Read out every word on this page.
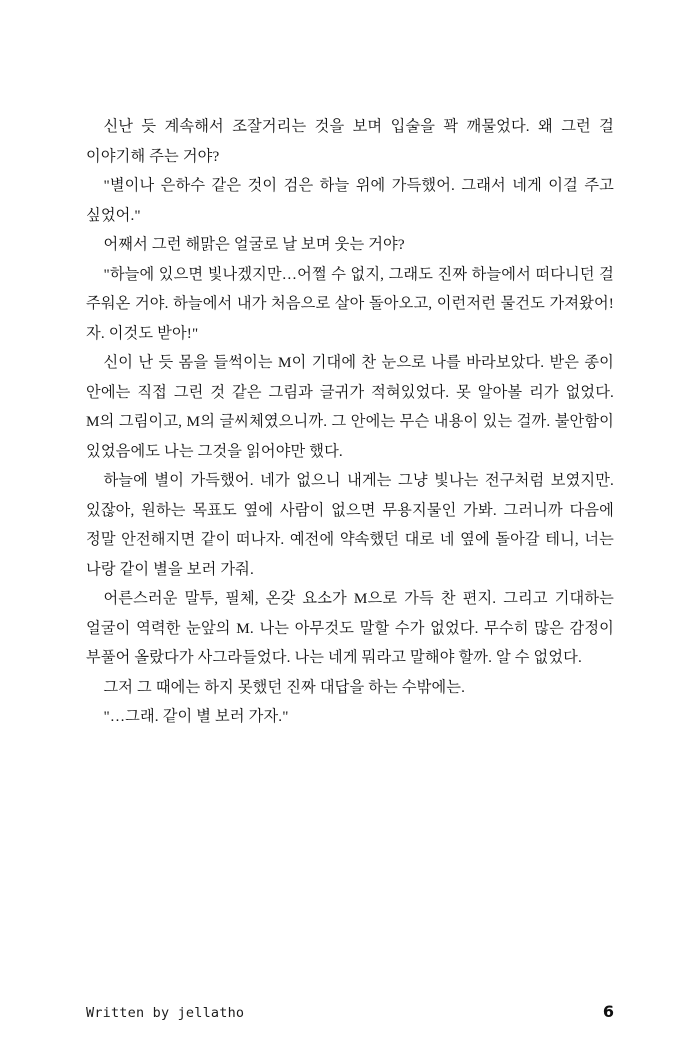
신난 듯 계속해서 조잘거리는 것을 보며 입술을 꽉 깨물었다. 왜 그런 걸 이야기해 주는 거야?

"별이나 은하수 같은 것이 검은 하늘 위에 가득했어. 그래서 네게 이걸 주고 싶었어."

어째서 그런 해맑은 얼굴로 날 보며 웃는 거야?

"하늘에 있으면 빛나겠지만…어쩔 수 없지, 그래도 진짜 하늘에서 떠다니던 걸 주워온 거야. 하늘에서 내가 처음으로 살아 돌아오고, 이런저런 물건도 가져왔어! 자. 이것도 받아!"

신이 난 듯 몸을 들썩이는 M이 기대에 찬 눈으로 나를 바라보았다. 받은 종이 안에는 직접 그린 것 같은 그림과 글귀가 적혀있었다. 못 알아볼 리가 없었다. M의 그림이고, M의 글씨체였으니까. 그 안에는 무슨 내용이 있는 걸까. 불안함이 있었음에도 나는 그것을 읽어야만 했다.

하늘에 별이 가득했어. 네가 없으니 내게는 그냥 빛나는 전구처럼 보였지만. 있잖아, 원하는 목표도 옆에 사람이 없으면 무용지물인 가봐. 그러니까 다음에 정말 안전해지면 같이 떠나자. 예전에 약속했던 대로 네 옆에 돌아갈 테니, 너는 나랑 같이 별을 보러 가줘.

어른스러운 말투, 필체, 온갖 요소가 M으로 가득 찬 편지. 그리고 기대하는 얼굴이 역력한 눈앞의 M. 나는 아무것도 말할 수가 없었다. 무수히 많은 감정이 부풀어 올랐다가 사그라들었다. 나는 네게 뭐라고 말해야 할까. 알 수 없었다.

그저 그 때에는 하지 못했던 진짜 대답을 하는 수밖에는.

"…그래. 같이 별 보러 가자."

Written by jellatho	6
